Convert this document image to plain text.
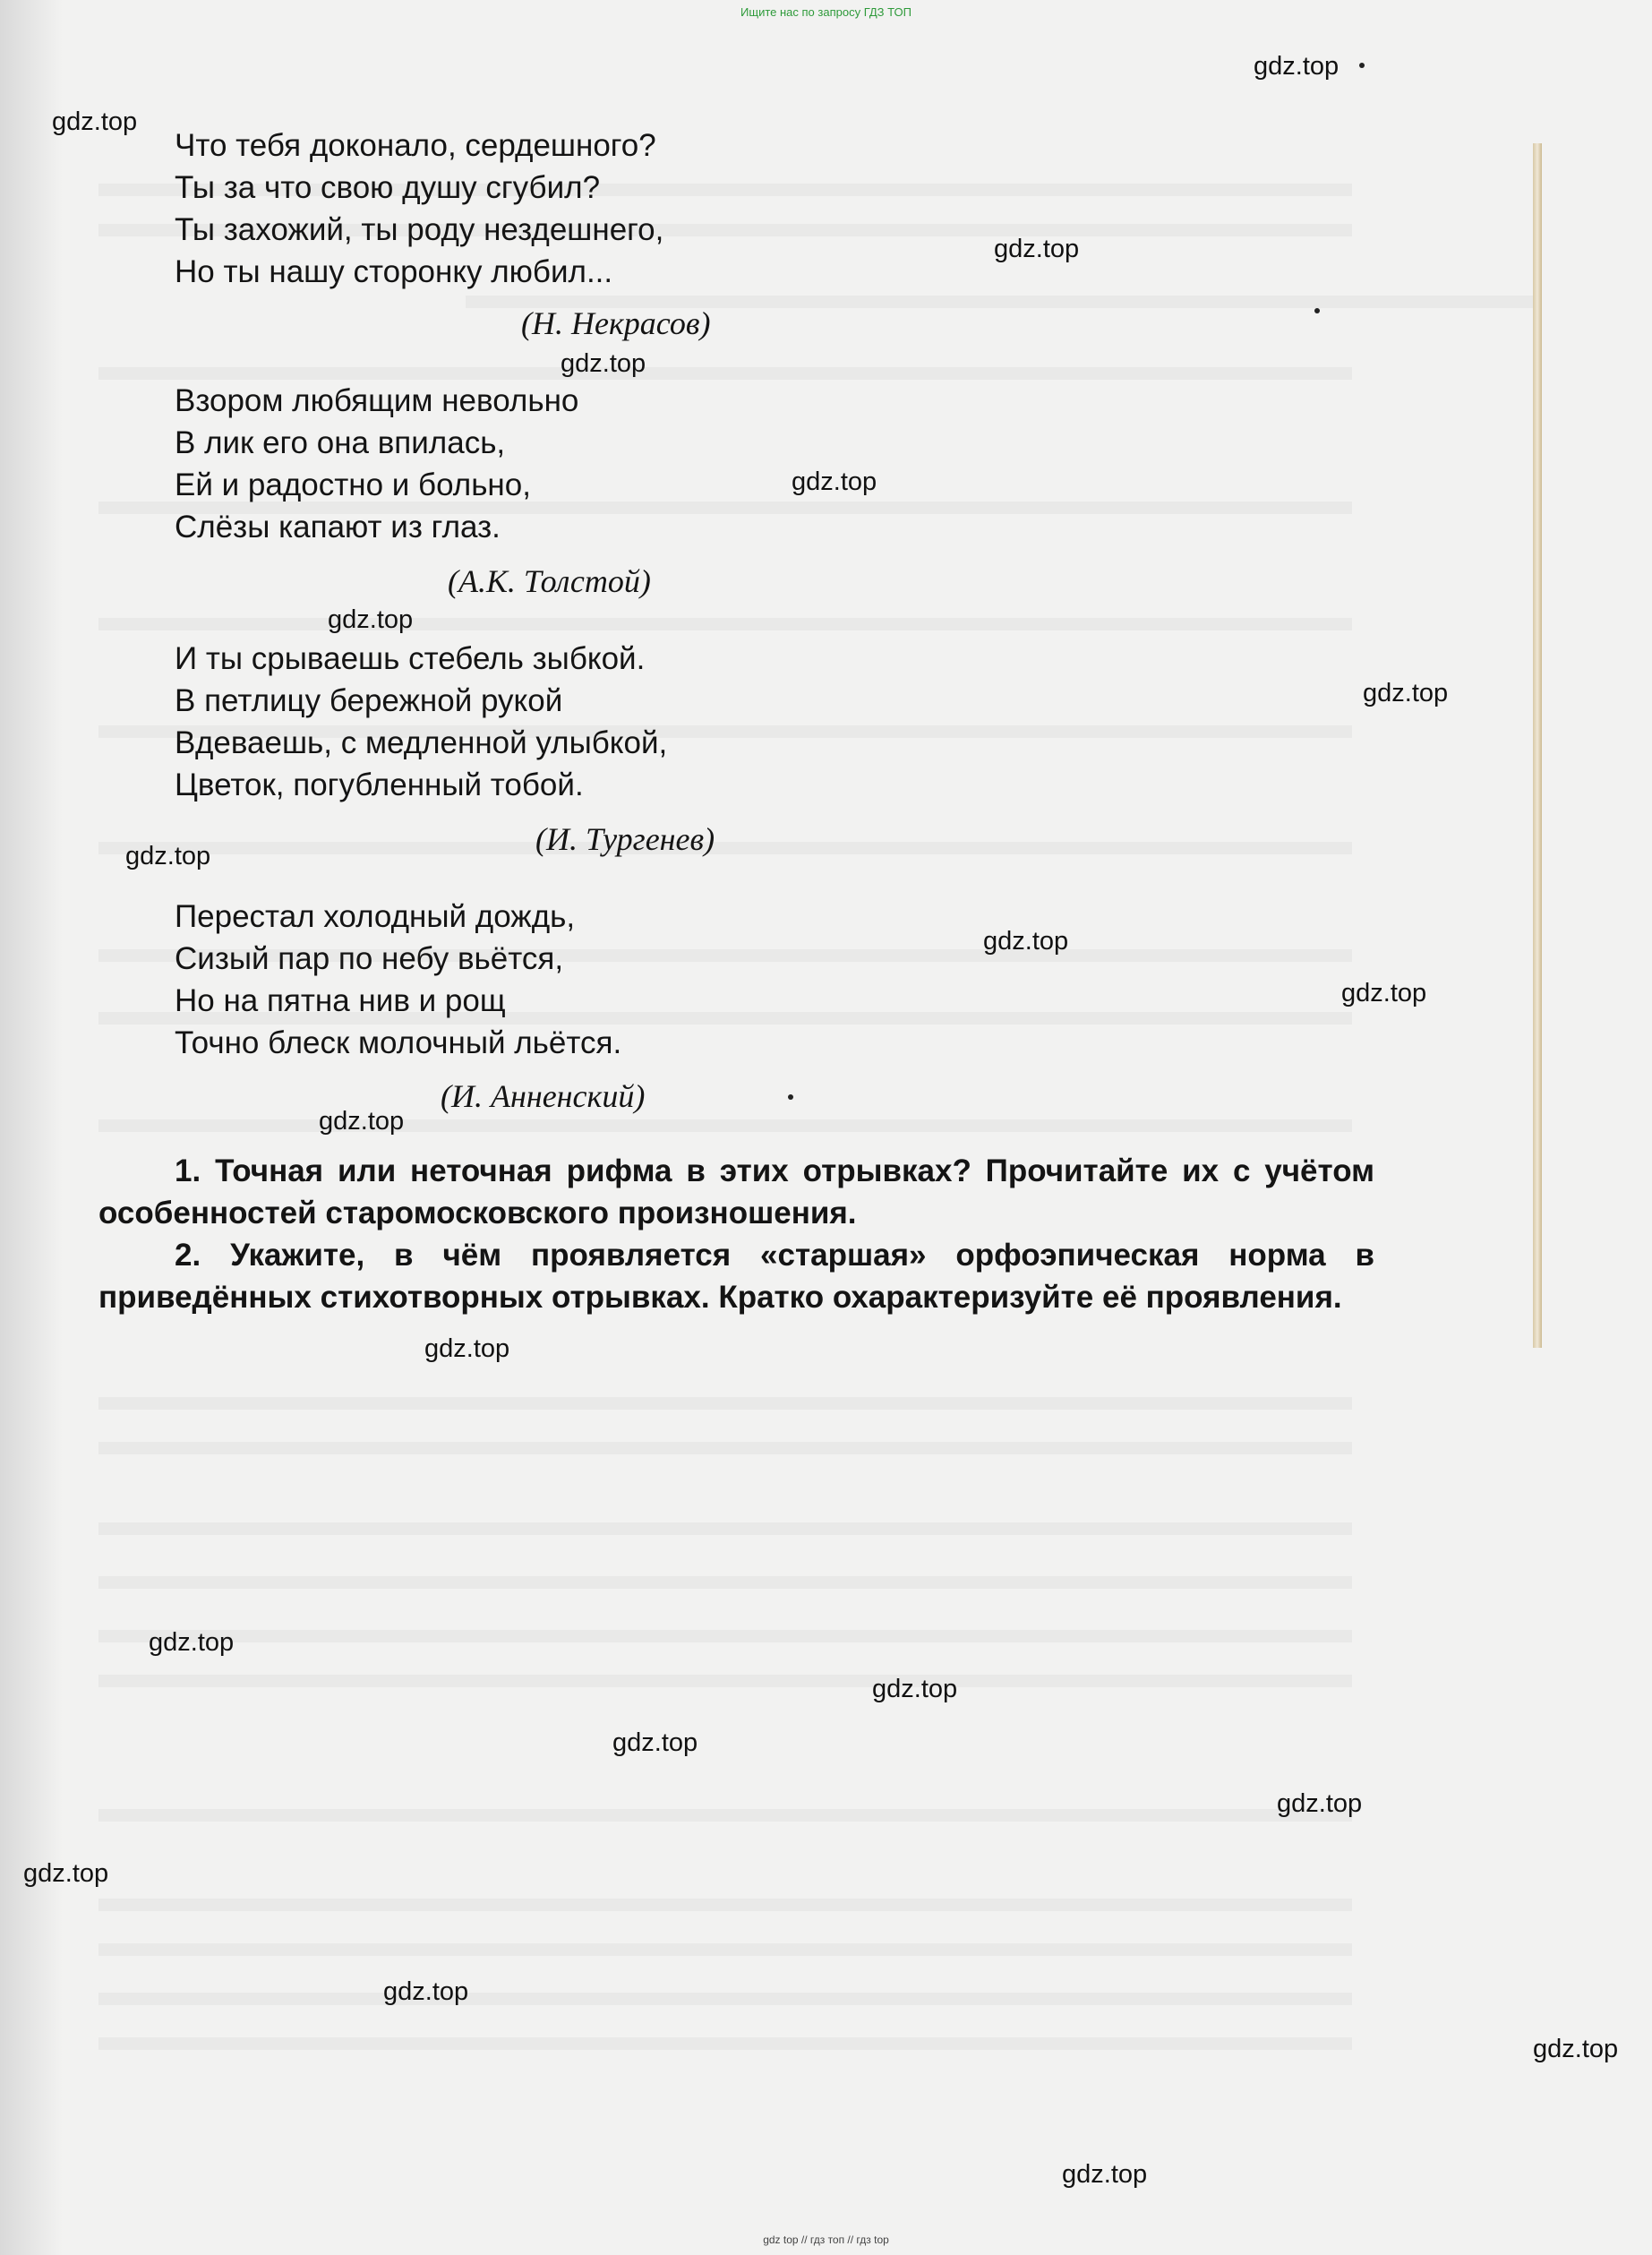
Ищите нас по запросу ГДЗ ТОП
Что тебя доконало, сердешного?
Ты за что свою душу сгубил?
Ты захожий, ты роду нездешнего,
Но ты нашу сторонку любил...
(Н. Некрасов)
Взором любящим невольно
В лик его она впилась,
Ей и радостно и больно,
Слёзы капают из глаз.
(А.К. Толстой)
И ты срываешь стебель зыбкой.
В петлицу бережной рукой
Вдеваешь, с медленной улыбкой,
Цветок, погубленный тобой.
(И. Тургенев)
Перестал холодный дождь,
Сизый пар по небу вьётся,
Но на пятна нив и рощ
Точно блеск молочный льётся.
(И. Анненский)
1. Точная или неточная рифма в этих отрывках? Прочитайте их с учётом особенностей старомосковского произношения.
2. Укажите, в чём проявляется «старшая» орфоэпическая норма в приведённых стихотворных отрывках. Кратко охарактеризуйте её проявления.
gdz.top
gdz.top
gdz.top
gdz.top
gdz.top
gdz.top
gdz.top
gdz.top
gdz.top
gdz.top
gdz.top
gdz.top
gdz.top
gdz.top
gdz.top
gdz.top
gdz.top
gdz.top
gdz.top
gdz.top
gdz top // гдз топ // гдз top
